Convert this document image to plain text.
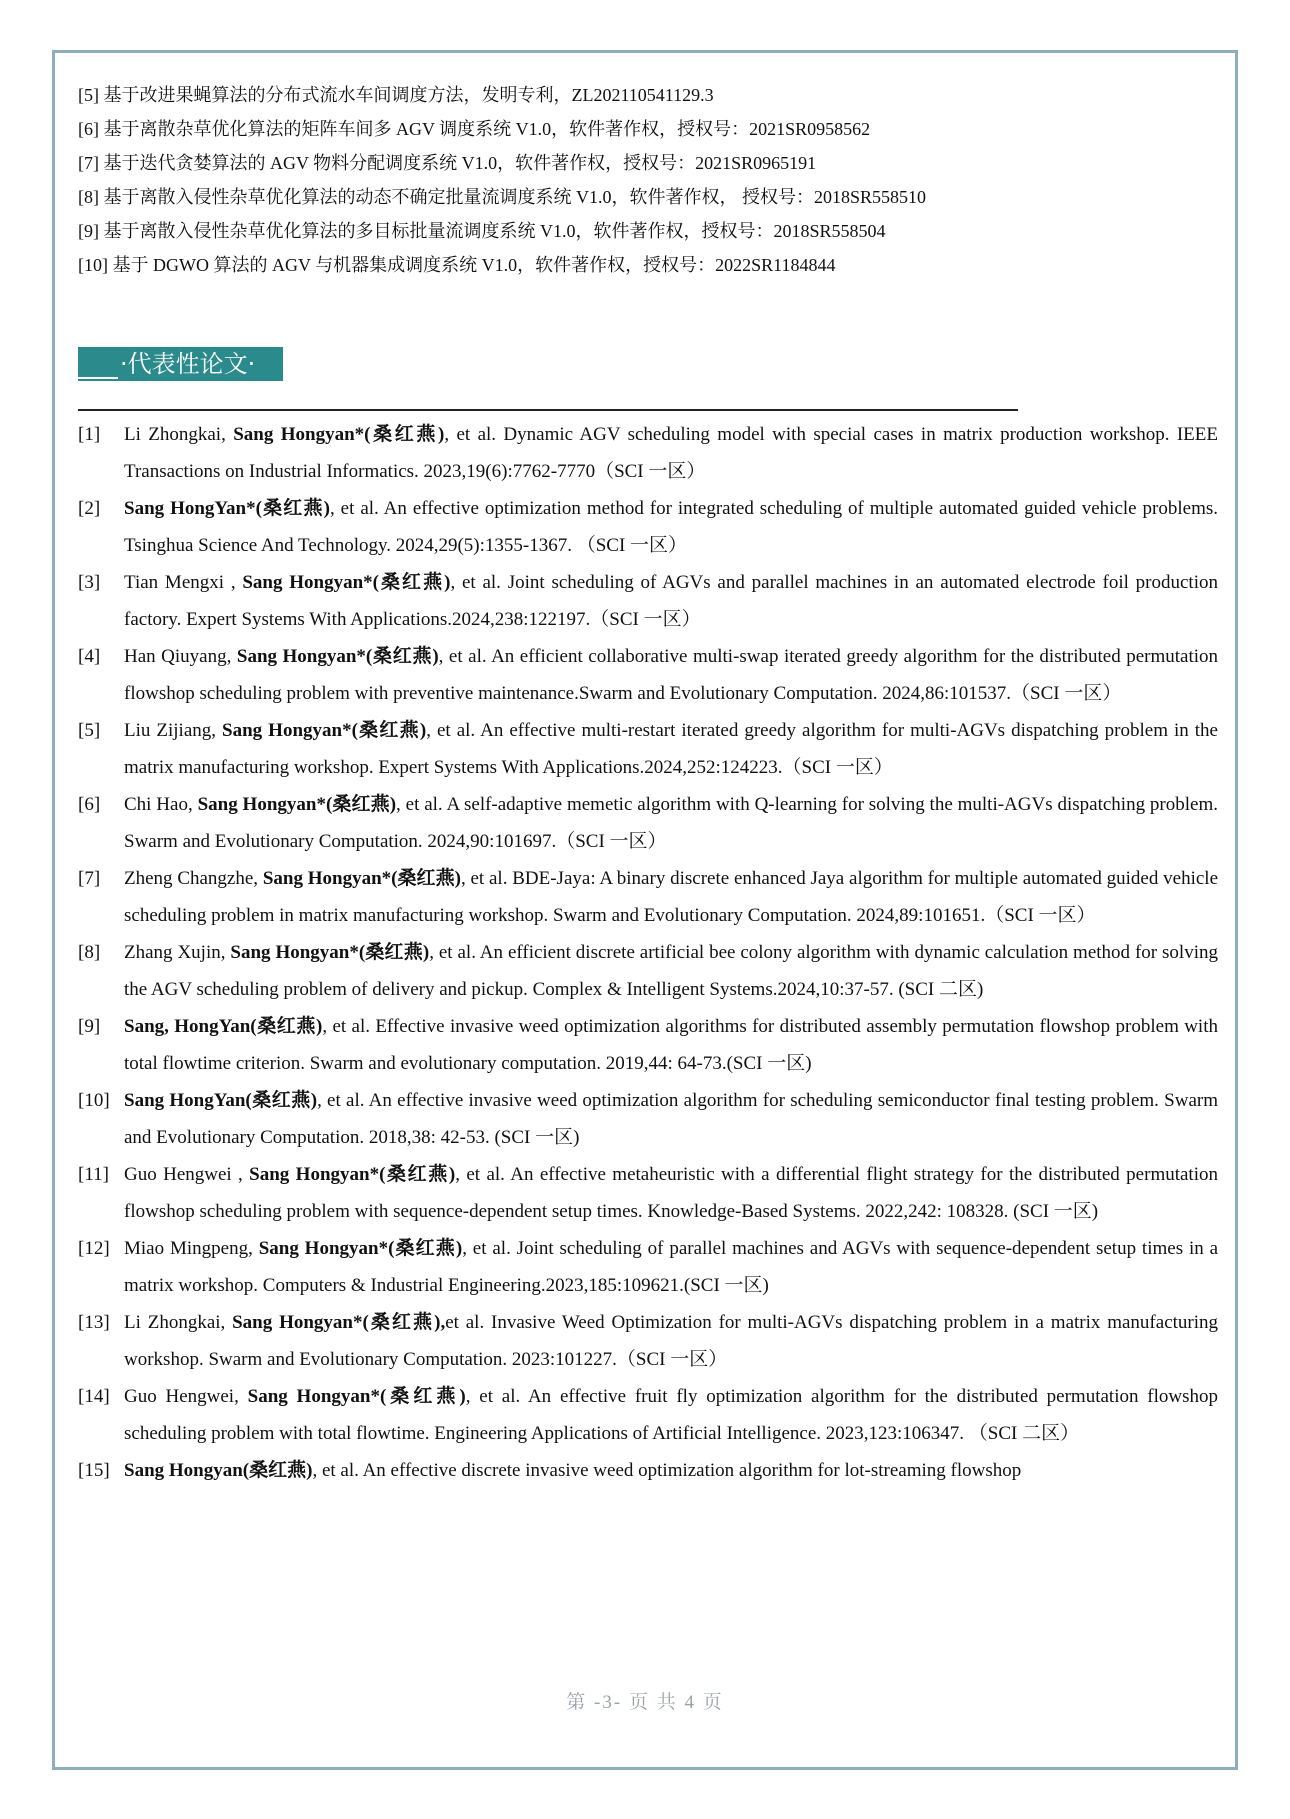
[5] 基于改进果蝇算法的分布式流水车间调度方法，发明专利，ZL202110541129.3
[6] 基于离散杂草优化算法的矩阵车间多 AGV 调度系统 V1.0，软件著作权，授权号：2021SR0958562
[7] 基于迭代贪婪算法的 AGV 物料分配调度系统 V1.0，软件著作权，授权号：2021SR0965191
[8] 基于离散入侵性杂草优化算法的动态不确定批量流调度系统 V1.0，软件著作权， 授权号：2018SR558510
[9] 基于离散入侵性杂草优化算法的多目标批量流调度系统 V1.0，软件著作权，授权号：2018SR558504
[10] 基于 DGWO 算法的 AGV 与机器集成调度系统 V1.0，软件著作权，授权号：2022SR1184844
·代表性论文·
[1]	Li Zhongkai, Sang Hongyan*(桑红燕), et al. Dynamic AGV scheduling model with special cases in matrix production workshop. IEEE Transactions on Industrial Informatics. 2023,19(6):7762-7770（SCI 一区）
[2]	Sang HongYan*(桑红燕), et al. An effective optimization method for integrated scheduling of multiple automated guided vehicle problems. Tsinghua Science And Technology. 2024,29(5):1355-1367. （SCI 一区）
[3]	Tian Mengxi , Sang Hongyan*(桑红燕), et al. Joint scheduling of AGVs and parallel machines in an automated electrode foil production factory. Expert Systems With Applications.2024,238:122197.（SCI 一区）
[4]	Han Qiuyang, Sang Hongyan*(桑红燕), et al. An efficient collaborative multi-swap iterated greedy algorithm for the distributed permutation flowshop scheduling problem with preventive maintenance.Swarm and Evolutionary Computation. 2024,86:101537.（SCI 一区）
[5]	Liu Zijiang, Sang Hongyan*(桑红燕), et al. An effective multi-restart iterated greedy algorithm for multi-AGVs dispatching problem in the matrix manufacturing workshop. Expert Systems With Applications.2024,252:124223.（SCI 一区）
[6]	Chi Hao, Sang Hongyan*(桑红燕), et al. A self-adaptive memetic algorithm with Q-learning for solving the multi-AGVs dispatching problem. Swarm and Evolutionary Computation. 2024,90:101697.（SCI 一区）
[7]	Zheng Changzhe, Sang Hongyan*(桑红燕), et al. BDE-Jaya: A binary discrete enhanced Jaya algorithm for multiple automated guided vehicle scheduling problem in matrix manufacturing workshop. Swarm and Evolutionary Computation. 2024,89:101651.（SCI 一区）
[8]	Zhang Xujin, Sang Hongyan*(桑红燕), et al. An efficient discrete artificial bee colony algorithm with dynamic calculation method for solving the AGV scheduling problem of delivery and pickup. Complex & Intelligent Systems.2024,10:37-57. (SCI 二区)
[9]	Sang, HongYan(桑红燕), et al. Effective invasive weed optimization algorithms for distributed assembly permutation flowshop problem with total flowtime criterion. Swarm and evolutionary computation. 2019,44: 64-73.(SCI 一区)
[10] Sang HongYan(桑红燕), et al. An effective invasive weed optimization algorithm for scheduling semiconductor final testing problem. Swarm and Evolutionary Computation. 2018,38: 42-53. (SCI 一区)
[11] Guo Hengwei , Sang Hongyan*(桑红燕), et al. An effective metaheuristic with a differential flight strategy for the distributed permutation flowshop scheduling problem with sequence-dependent setup times. Knowledge-Based Systems. 2022,242: 108328. (SCI 一区)
[12] Miao Mingpeng, Sang Hongyan*(桑红燕), et al. Joint scheduling of parallel machines and AGVs with sequence-dependent setup times in a matrix workshop. Computers & Industrial Engineering.2023,185:109621.(SCI 一区)
[13] Li Zhongkai, Sang Hongyan*(桑红燕),et al. Invasive Weed Optimization for multi-AGVs dispatching problem in a matrix manufacturing workshop. Swarm and Evolutionary Computation. 2023:101227.（SCI 一区）
[14] Guo Hengwei, Sang Hongyan*(桑红燕), et al. An effective fruit fly optimization algorithm for the distributed permutation flowshop scheduling problem with total flowtime. Engineering Applications of Artificial Intelligence. 2023,123:106347. （SCI 二区）
[15] Sang Hongyan(桑红燕), et al. An effective discrete invasive weed optimization algorithm for lot-streaming flowshop
第 -3- 页 共 4 页
